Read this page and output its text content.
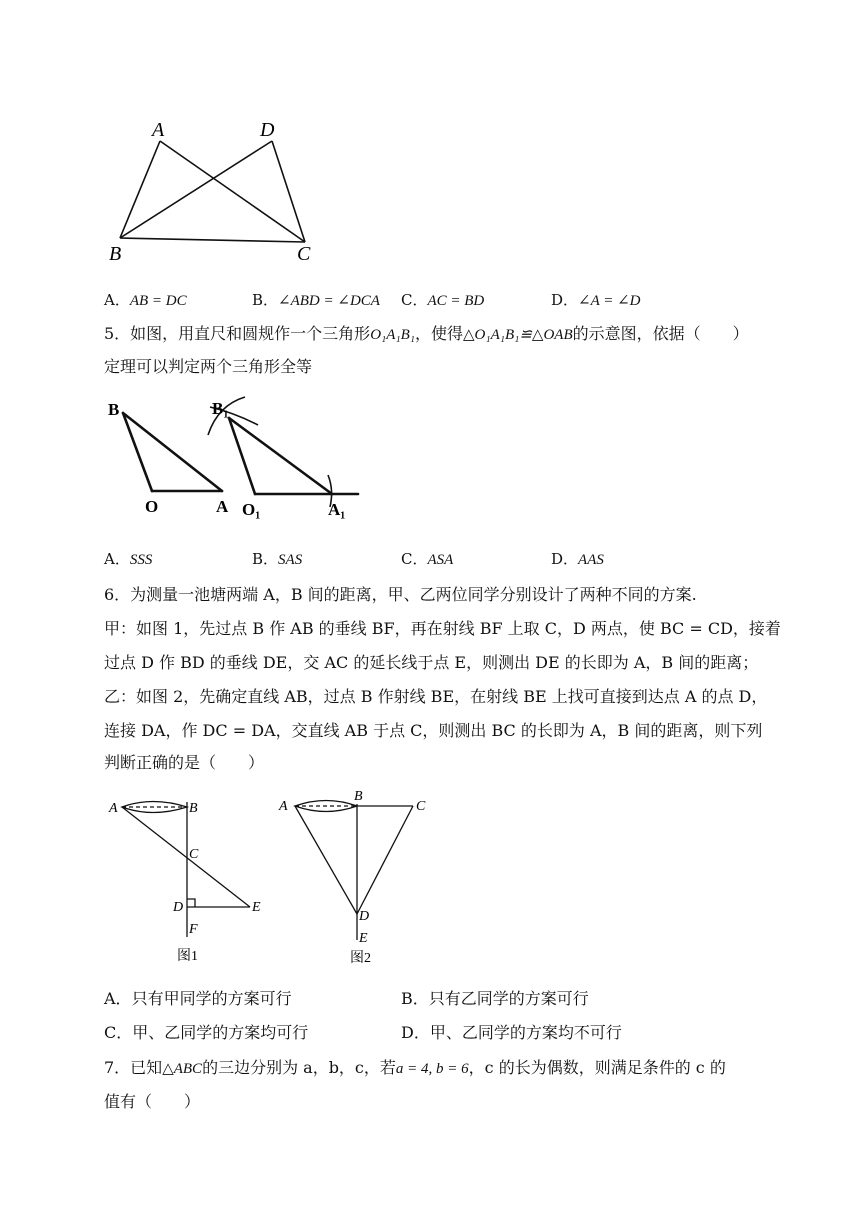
A	D
B	C
A．AB = DC	B．∠ABD = ∠DCA C．AC = BD	D．∠A = ∠D
5．如图，用直尺和圆规作一个三角形O₁A₁B₁，使得△O₁A₁B₁≌△OAB的示意图，依据（　　）
定理可以判定两个三角形全等
B
O	A
B₁
O₁	A₁
A．SSS	B．SAS	C．ASA	D．AAS
6．为测量一池塘两端 A，B 间的距离，甲、乙两位同学分别设计了两种不同的方案.
甲：如图 1，先过点 B 作 AB 的垂线 BF，再在射线 BF 上取 C，D 两点，使 BC = CD，接着
过点 D 作 BD 的垂线 DE，交 AC 的延长线于点 E，则测出 DE 的长即为 A，B 间的距离；
乙：如图 2，先确定直线 AB，过点 B 作射线 BE，在射线 BE 上找可直接到达点 A 的点 D，
连接 DA，作 DC = DA，交直线 AB 于点 C，则测出 BC 的长即为 A，B 间的距离，则下列
判断正确的是（　　）
A	B
C
D	E
F
图1
A
B
C
D
E
图2
A．只有甲同学的方案可行	B．只有乙同学的方案可行
C．甲、乙同学的方案均可行	D．甲、乙同学的方案均不可行
7．已知△ABC的三边分别为 a，b，c，若a = 4, b = 6，c 的长为偶数，则满足条件的 c 的
值有（　　）
